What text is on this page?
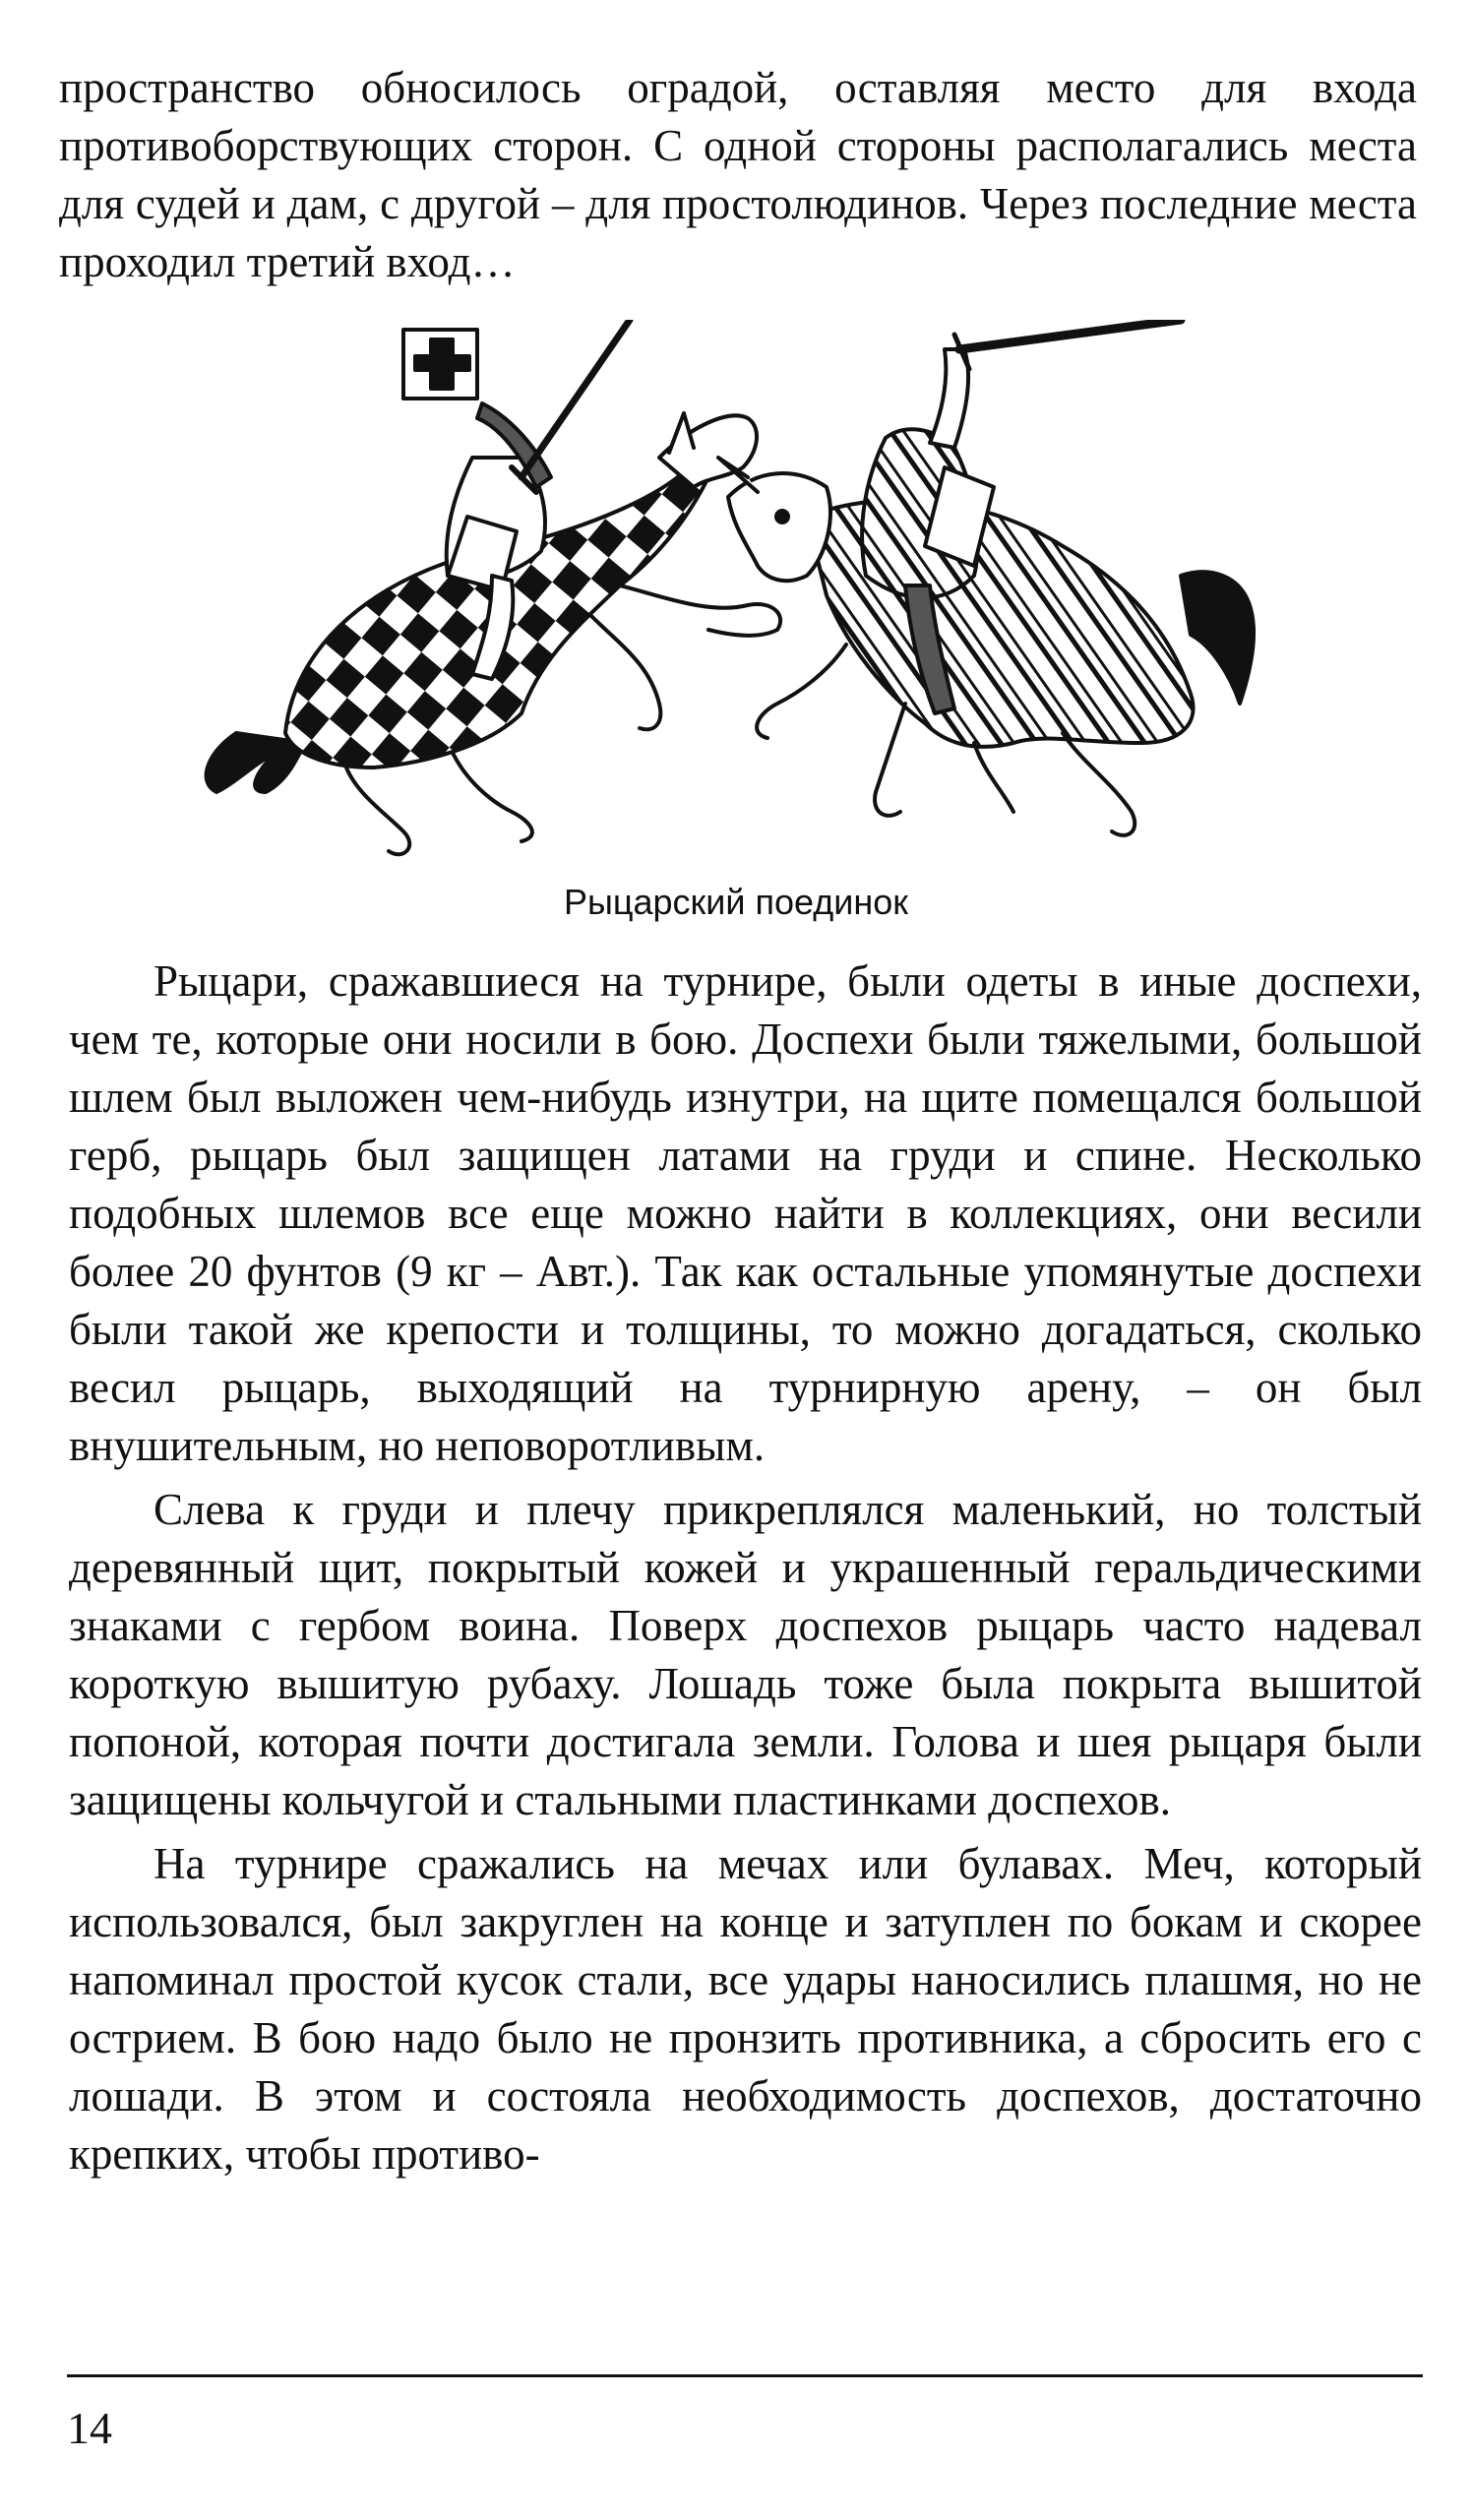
пространство обносилось оградой, оставляя место для входа противоборствующих сторон. С одной стороны располагались места для судей и дам, с другой – для простолюдинов. Через последние места проходил третий вход…

Рыцарский поединок

Рыцари, сражавшиеся на турнире, были одеты в иные доспехи, чем те, которые они носили в бою. Доспехи были тяжелыми, большой шлем был выложен чем-нибудь изнутри, на щите помещался большой герб, рыцарь был защищен латами на груди и спине. Несколько подобных шлемов все еще можно найти в коллекциях, они весили более 20 фунтов (9 кг – Авт.). Так как остальные упомянутые доспехи были такой же крепости и толщины, то можно догадаться, сколько весил рыцарь, выходящий на турнирную арену, – он был внушительным, но неповоротливым.

Слева к груди и плечу прикреплялся маленький, но толстый деревянный щит, покрытый кожей и украшенный геральдическими знаками с гербом воина. Поверх доспехов рыцарь часто надевал короткую вышитую рубаху. Лошадь тоже была покрыта вышитой попоной, которая почти достигала земли. Голова и шея рыцаря были защищены кольчугой и стальными пластинками доспехов.

На турнире сражались на мечах или булавах. Меч, который использовался, был закруглен на конце и затуплен по бокам и скорее напоминал простой кусок стали, все удары наносились плашмя, но не острием. В бою надо было не пронзить противника, а сбросить его с лошади. В этом и состояла необходимость доспехов, достаточно крепких, чтобы противо-

14
